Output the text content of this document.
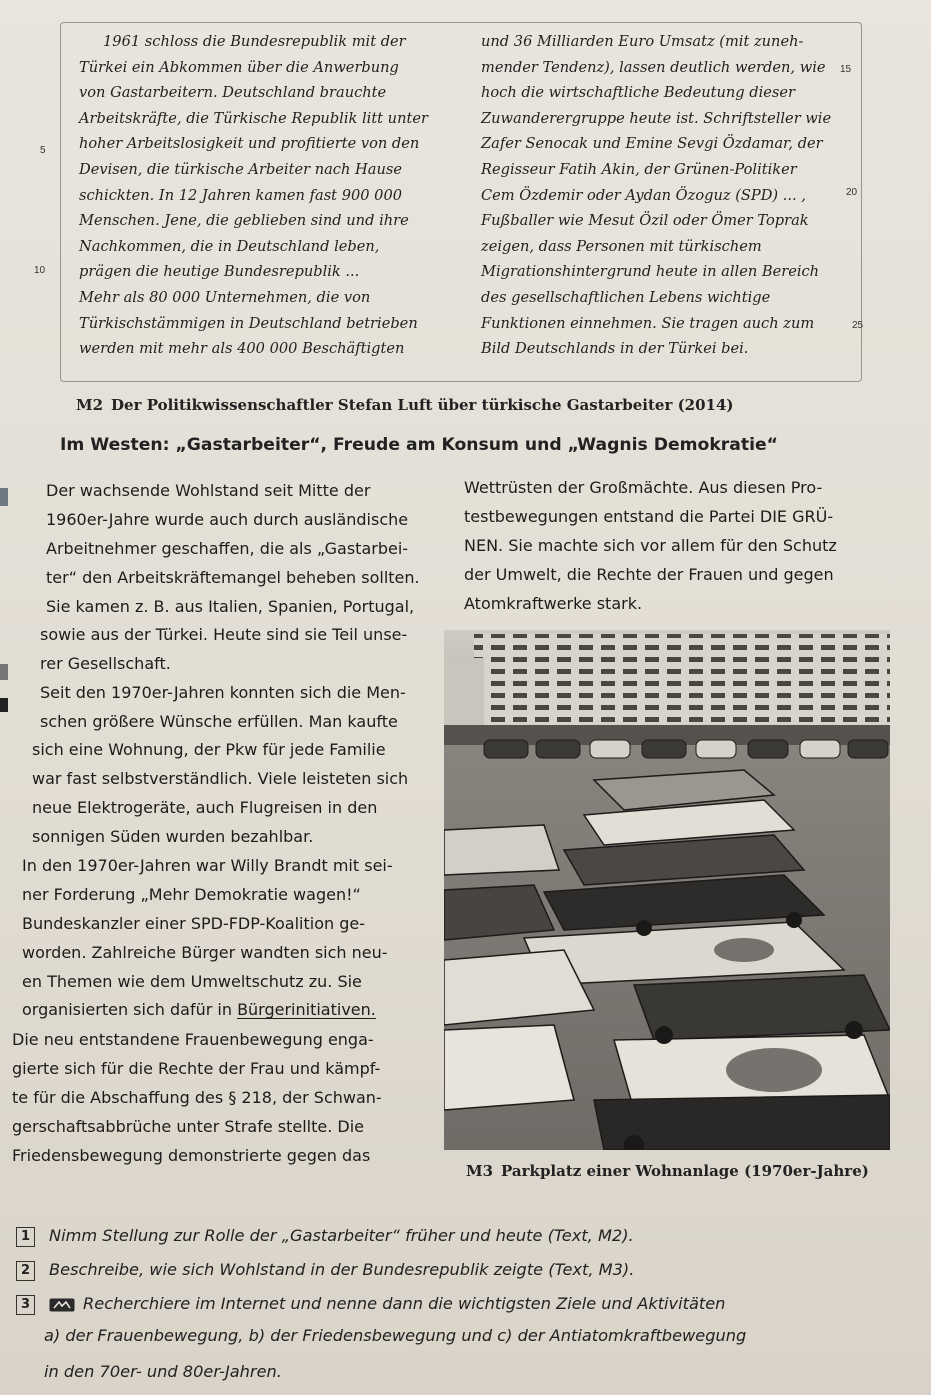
1961 schloss die Bundesrepublik mit der
Türkei ein Abkommen über die Anwerbung
von Gastarbeitern. Deutschland brauchte
Arbeitskräfte, die Türkische Republik litt unter
hoher Arbeitslosigkeit und profitierte von den
Devisen, die türkische Arbeiter nach Hause
schickten. In 12 Jahren kamen fast 900 000
Menschen. Jene, die geblieben sind und ihre
Nachkommen, die in Deutschland leben,
prägen die heutige Bundesrepublik ...
Mehr als 80 000 Unternehmen, die von
Türkischstämmigen in Deutschland betrieben
werden mit mehr als 400 000 Beschäftigten
und 36 Milliarden Euro Umsatz (mit zuneh-
mender Tendenz), lassen deutlich werden, wie
hoch die wirtschaftliche Bedeutung dieser
Zuwanderergruppe heute ist. Schriftsteller wie
Zafer Senocak und Emine Sevgi Özdamar, der
Regisseur Fatih Akin, der Grünen-Politiker
Cem Özdemir oder Aydan Özoguz (SPD) ... ,
Fußballer wie Mesut Özil oder Ömer Toprak
zeigen, dass Personen mit türkischem
Migrationshintergrund heute in allen Bereich
des gesellschaftlichen Lebens wichtige
Funktionen einnehmen. Sie tragen auch zum
Bild Deutschlands in der Türkei bei.
5
10
15
20
25
M2 Der Politikwissenschaftler Stefan Luft über türkische Gastarbeiter (2014)
Im Westen: „Gastarbeiter“, Freude am Konsum und „Wagnis Demokratie“
Der wachsende Wohlstand seit Mitte der
1960er-Jahre wurde auch durch ausländische
Arbeitnehmer geschaffen, die als „Gastarbei-
ter“ den Arbeitskräftemangel beheben sollten.
Sie kamen z. B. aus Italien, Spanien, Portugal,
sowie aus der Türkei. Heute sind sie Teil unse-
rer Gesellschaft.
Seit den 1970er-Jahren konnten sich die Men-
schen größere Wünsche erfüllen. Man kaufte
sich eine Wohnung, der Pkw für jede Familie
war fast selbstverständlich. Viele leisteten sich
neue Elektrogeräte, auch Flugreisen in den
sonnigen Süden wurden bezahlbar.
In den 1970er-Jahren war Willy Brandt mit sei-
ner Forderung „Mehr Demokratie wagen!“
Bundeskanzler einer SPD-FDP-Koalition ge-
worden. Zahlreiche Bürger wandten sich neu-
en Themen wie dem Umweltschutz zu. Sie
organisierten sich dafür in Bürgerinitiativen.
Die neu entstandene Frauenbewegung enga-
gierte sich für die Rechte der Frau und kämpf-
te für die Abschaffung des § 218, der Schwan-
gerschaftsabbrüche unter Strafe stellte. Die
Friedensbewegung demonstrierte gegen das
Wettrüsten der Großmächte. Aus diesen Pro-
testbewegungen entstand die Partei DIE GRÜ-
NEN. Sie machte sich vor allem für den Schutz
der Umwelt, die Rechte der Frauen und gegen
Atomkraftwerke stark.
M3 Parkplatz einer Wohnanlage (1970er-Jahre)
1 Nimm Stellung zur Rolle der „Gastarbeiter“ früher und heute (Text, M2).
2 Beschreibe, wie sich Wohlstand in der Bundesrepublik zeigte (Text, M3).
3	Recherchiere im Internet und nenne dann die wichtigsten Ziele und Aktivitäten
a) der Frauenbewegung, b) der Friedensbewegung und c) der Antiatomkraftbewegung
in den 70er- und 80er-Jahren.
